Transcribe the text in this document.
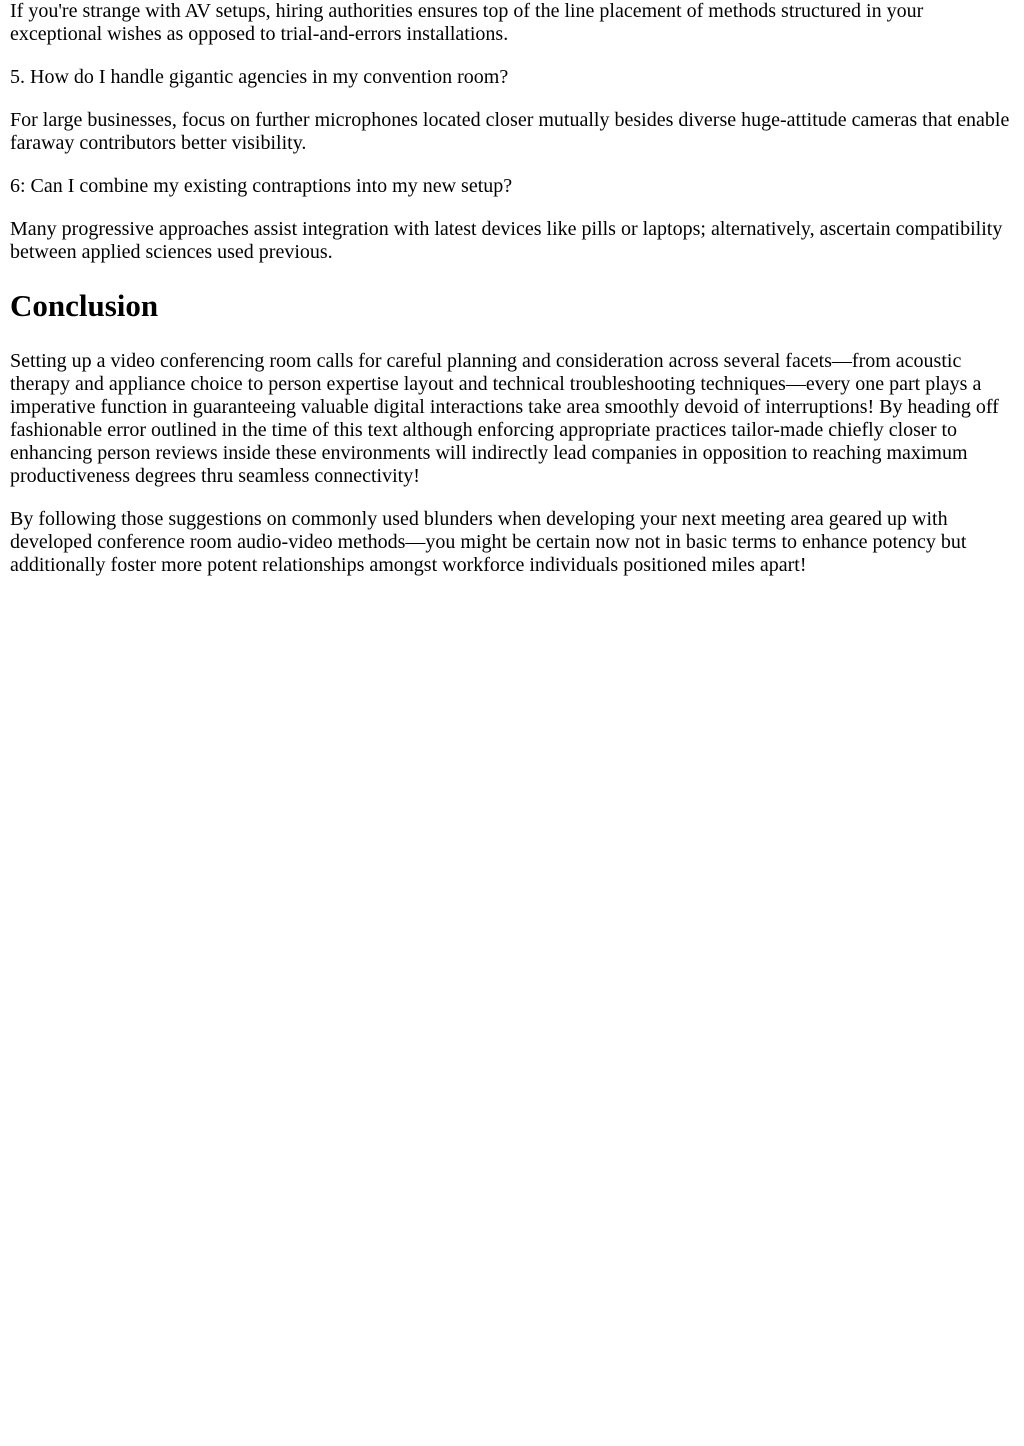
If you're strange with AV setups, hiring authorities ensures top of the line placement of methods structured in your exceptional wishes as opposed to trial-and-errors installations.

5. How do I handle gigantic agencies in my convention room?

For large businesses, focus on further microphones located closer mutually besides diverse huge-attitude cameras that enable faraway contributors better visibility.

6: Can I combine my existing contraptions into my new setup?

Many progressive approaches assist integration with latest devices like pills or laptops; alternatively, ascertain compatibility between applied sciences used previous.

Conclusion

Setting up a video conferencing room calls for careful planning and consideration across several facets—from acoustic therapy and appliance choice to person expertise layout and technical troubleshooting techniques—every one part plays a imperative function in guaranteeing valuable digital interactions take area smoothly devoid of interruptions! By heading off fashionable error outlined in the time of this text although enforcing appropriate practices tailor-made chiefly closer to enhancing person reviews inside these environments will indirectly lead companies in opposition to reaching maximum productiveness degrees thru seamless connectivity!

By following those suggestions on commonly used blunders when developing your next meeting area geared up with developed conference room audio-video methods—you might be certain now not in basic terms to enhance potency but additionally foster more potent relationships amongst workforce individuals positioned miles apart!
